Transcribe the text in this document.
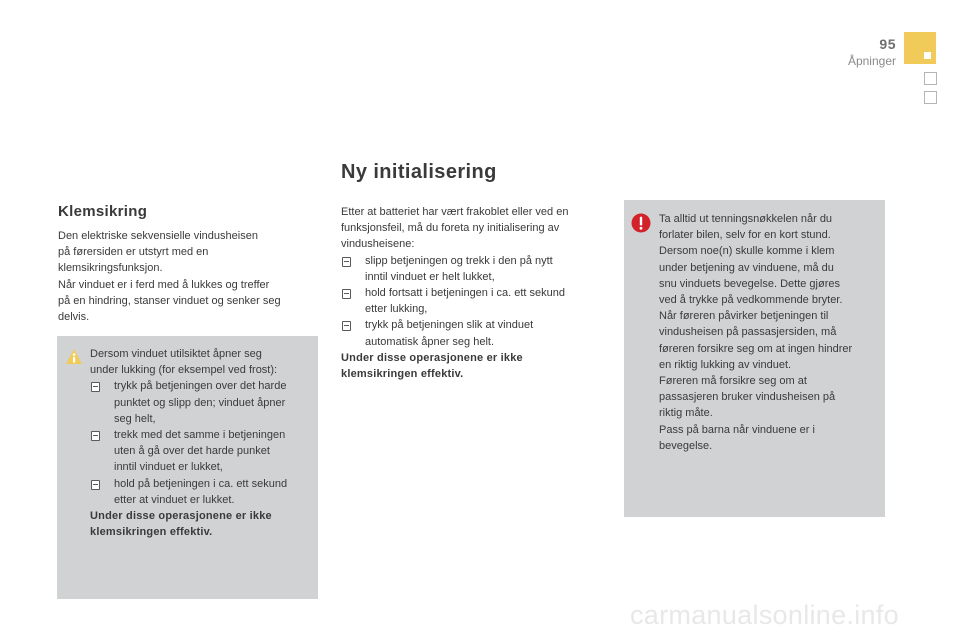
95
Åpninger
Ny initialisering
Klemsikring

Den elektriske sekvensielle vindusheisen

på førersiden er utstyrt med en

klemsikringsfunksjon.

Når vinduet er i ferd med å lukkes og treffer

på en hindring, stanser vinduet og senker seg

delvis.

Dersom vinduet utilsiktet åpner seg

under lukking (for eksempel ved frost):

trykk på betjeningen over det harde

punktet og slipp den; vinduet åpner

seg helt,

trekk med det samme i betjeningen

uten å gå over det harde punket

inntil vinduet er lukket,

hold på betjeningen i ca. ett sekund

etter at vinduet er lukket.

Under disse operasjonene er ikke

klemsikringen effektiv.

Etter at batteriet har vært frakoblet eller ved en

funksjonsfeil, må du foreta ny initialisering av

vindusheisene:

slipp betjeningen og trekk i den på nytt

inntil vinduet er helt lukket,

hold fortsatt i betjeningen i ca. ett sekund

etter lukking,

trykk på betjeningen slik at vinduet

automatisk åpner seg helt.

Under disse operasjonene er ikke

klemsikringen effektiv.

Ta alltid ut tenningsnøkkelen når du

forlater bilen, selv for en kort stund.

Dersom noe(n) skulle komme i klem

under betjening av vinduene, må du

snu vinduets bevegelse. Dette gjøres

ved å trykke på vedkommende bryter.

Når føreren påvirker betjeningen til

vindusheisen på passasjersiden, må

føreren forsikre seg om at ingen hindrer

en riktig lukking av vinduet.

Føreren må forsikre seg om at

passasjeren bruker vindusheisen på

riktig måte.

Pass på barna når vinduene er i

bevegelse.

carmanualsonline.info
